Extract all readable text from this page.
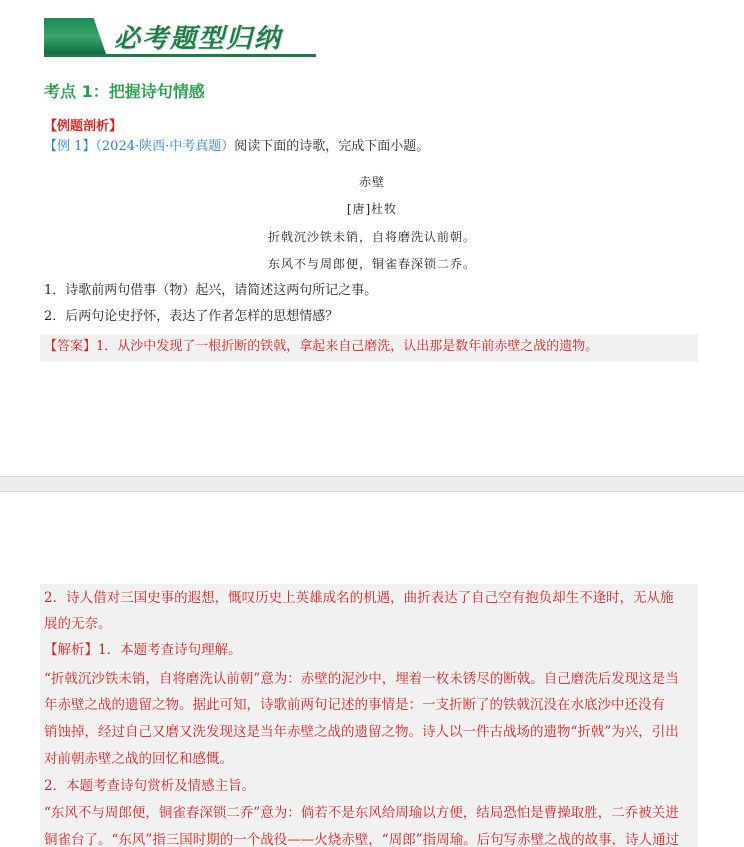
必考题型归纳
考点 1：把握诗句情感
【例题剖析】
【例 1】（2024·陕西·中考真题）阅读下面的诗歌，完成下面小题。
赤壁
[唐]杜牧
折戟沉沙铁未销，自将磨洗认前朝。
东风不与周郎便，铜雀春深锁二乔。
1．诗歌前两句借事（物）起兴，请简述这两句所记之事。
2．后两句论史抒怀，表达了作者怎样的思想情感？
【答案】1．从沙中发现了一根折断的铁戟，拿起来自己磨洗，认出那是数年前赤壁之战的遗物。
2．诗人借对三国史事的遐想，慨叹历史上英雄成名的机遇，曲折表达了自己空有抱负却生不逢时，无从施
展的无奈。
【解析】1．本题考查诗句理解。
“折戟沉沙铁未销，自将磨洗认前朝”意为：赤壁的泥沙中，埋着一枚未锈尽的断戟。自己磨洗后发现这是当
年赤壁之战的遗留之物。据此可知，诗歌前两句记述的事情是：一支折断了的铁戟沉没在水底沙中还没有
销蚀掉，经过自己又磨又洗发现这是当年赤壁之战的遗留之物。诗人以一件古战场的遗物“折戟”为兴，引出
对前朝赤壁之战的回忆和感慨。
2．本题考查诗句赏析及情感主旨。
“东风不与周郎便，铜雀春深锁二乔”意为：倘若不是东风给周瑜以方便，结局恐怕是曹操取胜，二乔被关进
铜雀台了。“东风”指三国时期的一个战役——火烧赤壁，“周郎”指周瑜。后句写赤壁之战的故事，诗人通过
